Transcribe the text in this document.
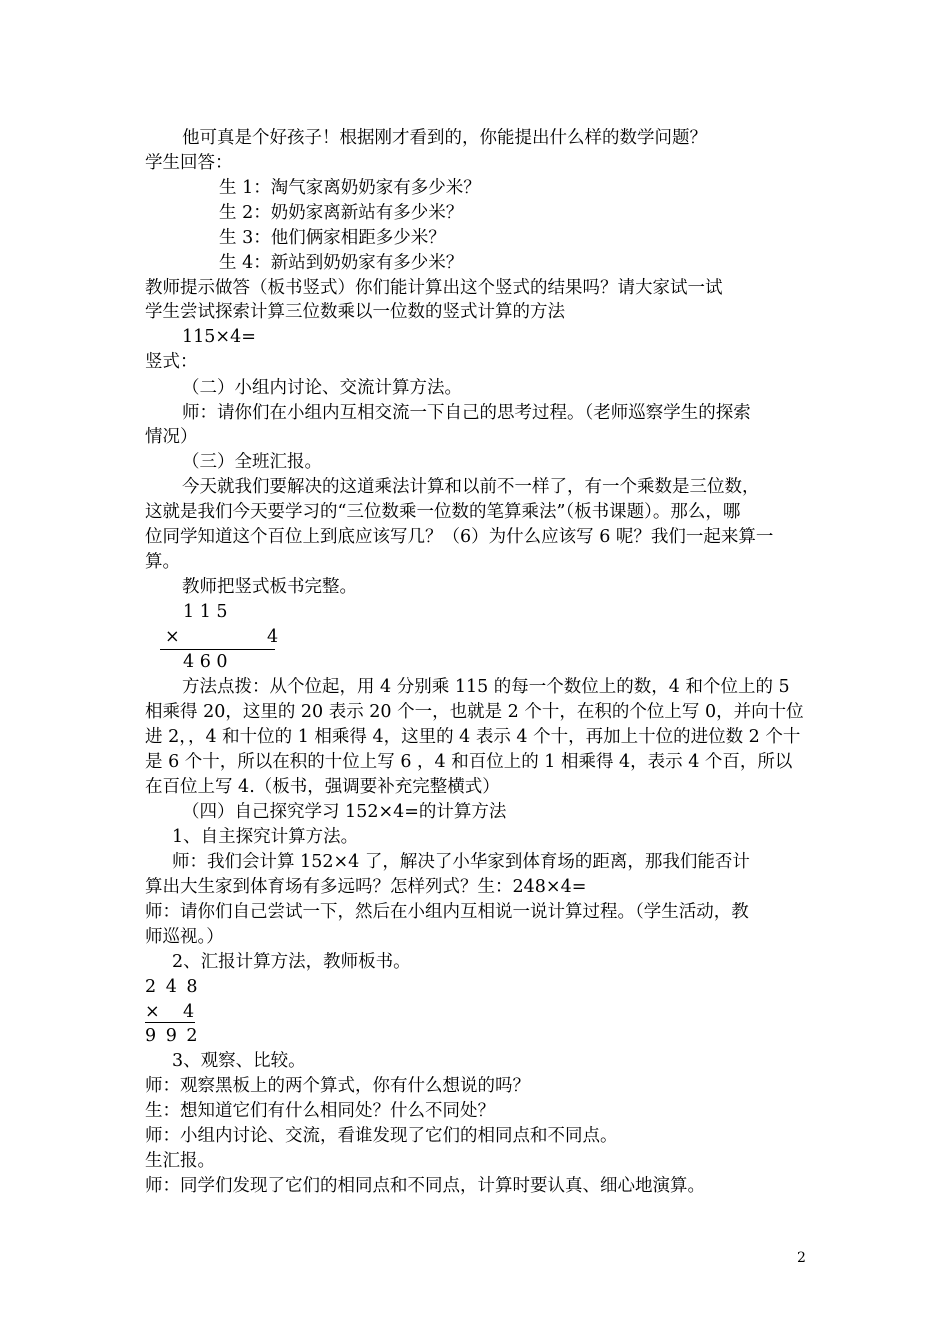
他可真是个好孩子！根据刚才看到的，你能提出什么样的数学问题？
学生回答：
生 1：淘气家离奶奶家有多少米？
生 2：奶奶家离新站有多少米？
生 3：他们俩家相距多少米？
生 4：新站到奶奶家有多少米？
教师提示做答（板书竖式）你们能计算出这个竖式的结果吗？请大家试一试
学生尝试探索计算三位数乘以一位数的竖式计算的方法
115×4=
竖式：
（二）小组内讨论、交流计算方法。
师：请你们在小组内互相交流一下自己的思考过程。（老师巡察学生的探索
情况）
（三）全班汇报。
今天就我们要解决的这道乘法计算和以前不一样了，有一个乘数是三位数，
这就是我们今天要学习的“三位数乘一位数的笔算乘法”（板书课题）。那么，哪
位同学知道这个百位上到底应该写几？（6）为什么应该写 6 呢？我们一起来算一
算。
教师把竖式板书完整。
1 1 5
×	4
4 6 0
方法点拨：从个位起，用 4 分别乘 115 的每一个数位上的数，4 和个位上的 5
相乘得 20，这里的 20 表示 20 个一，也就是 2 个十，在积的个位上写 0，并向十位
进 2，，4 和十位的 1 相乘得 4，这里的 4 表示 4 个十，再加上十位的进位数 2 个十
是 6 个十，所以在积的十位上写 6 ，4 和百位上的 1 相乘得 4，表示 4 个百，所以
在百位上写 4.（板书，强调要补充完整横式）
（四）自己探究学习 152×4=的计算方法
1、自主探究计算方法。
师：我们会计算 152×4 了，解决了小华家到体育场的距离，那我们能否计
算出大生家到体育场有多远吗？怎样列式？生：248×4=
师：请你们自己尝试一下，然后在小组内互相说一说计算过程。（学生活动，教
师巡视。）
2、汇报计算方法，教师板书。
2 4 8
× 4
9 9 2
3、观察、比较。
师：观察黑板上的两个算式，你有什么想说的吗？
生：想知道它们有什么相同处？什么不同处？
师：小组内讨论、交流，看谁发现了它们的相同点和不同点。
生汇报。
师：同学们发现了它们的相同点和不同点，计算时要认真、细心地演算。
2
